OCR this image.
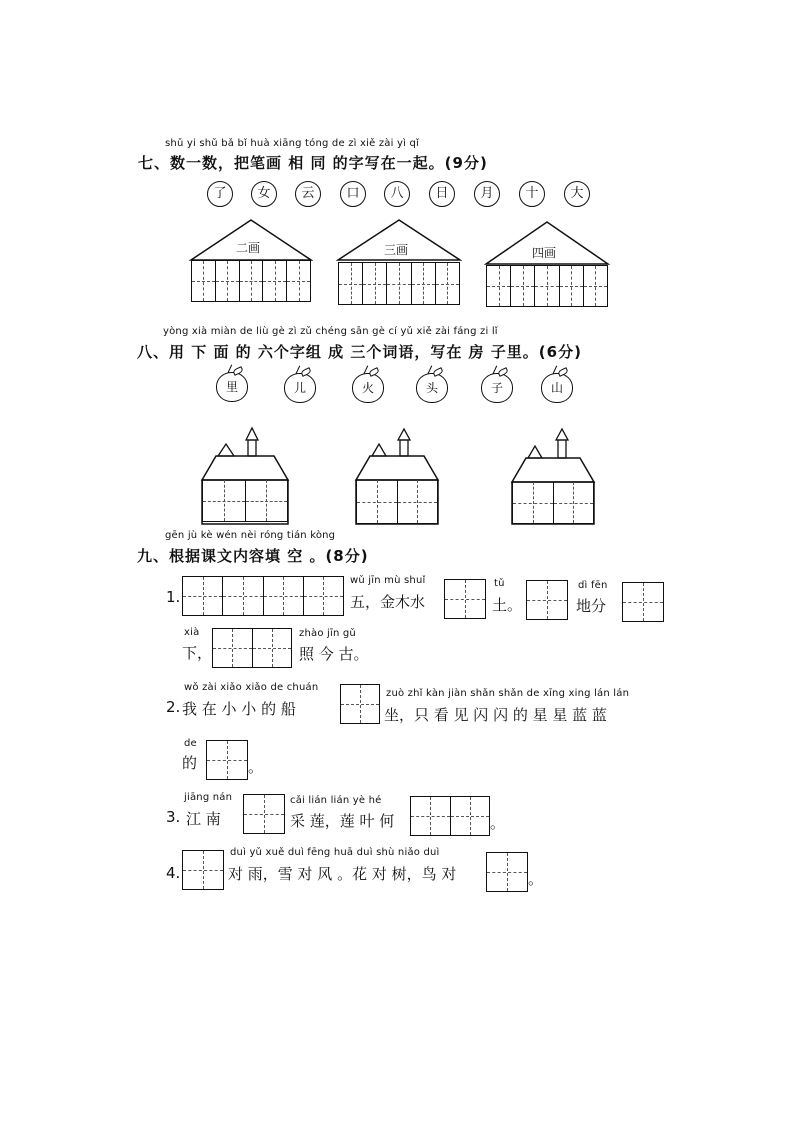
shǔ yi shǔ bǎ bǐ huà xiāng tóng de zì xiě zài yì qǐ
七、数一数，把笔画 相 同 的字写在一起。(9分)
了	女	云	口	八	日	月	十	大
二画	三画	四画
yòng xià miàn de liù gè zì zǔ chéng sān gè cí yǔ xiě zài fáng zi lǐ
八、用 下 面 的 六个字组 成 三个词语，写在 房 子里。(6分)
里	儿	火	头	子	山
gēn jù kè wén nèi róng tián kòng
九、根据课文内容填 空 。(8分)
1.
wǔ jīn mù shuǐ
五，金木水
tǔ
土。
dì fēn
地分
xià
下，
zhào jīn gǔ
照 今 古。
wǒ zài xiǎo xiǎo de chuán
2. 我 在 小 小 的 船
zuò zhǐ kàn jiàn shǎn shǎn de xīng xing lán lán
坐，只 看 见 闪 闪 的 星 星 蓝 蓝
de
的	。
jiāng nán
3. 江 南
cǎi lián lián yè hé
采 莲，莲 叶 何	。
4.
duì yǔ xuě duì fēng huā duì shù niǎo duì
对 雨，雪 对 风 。花 对 树，鸟 对	。
